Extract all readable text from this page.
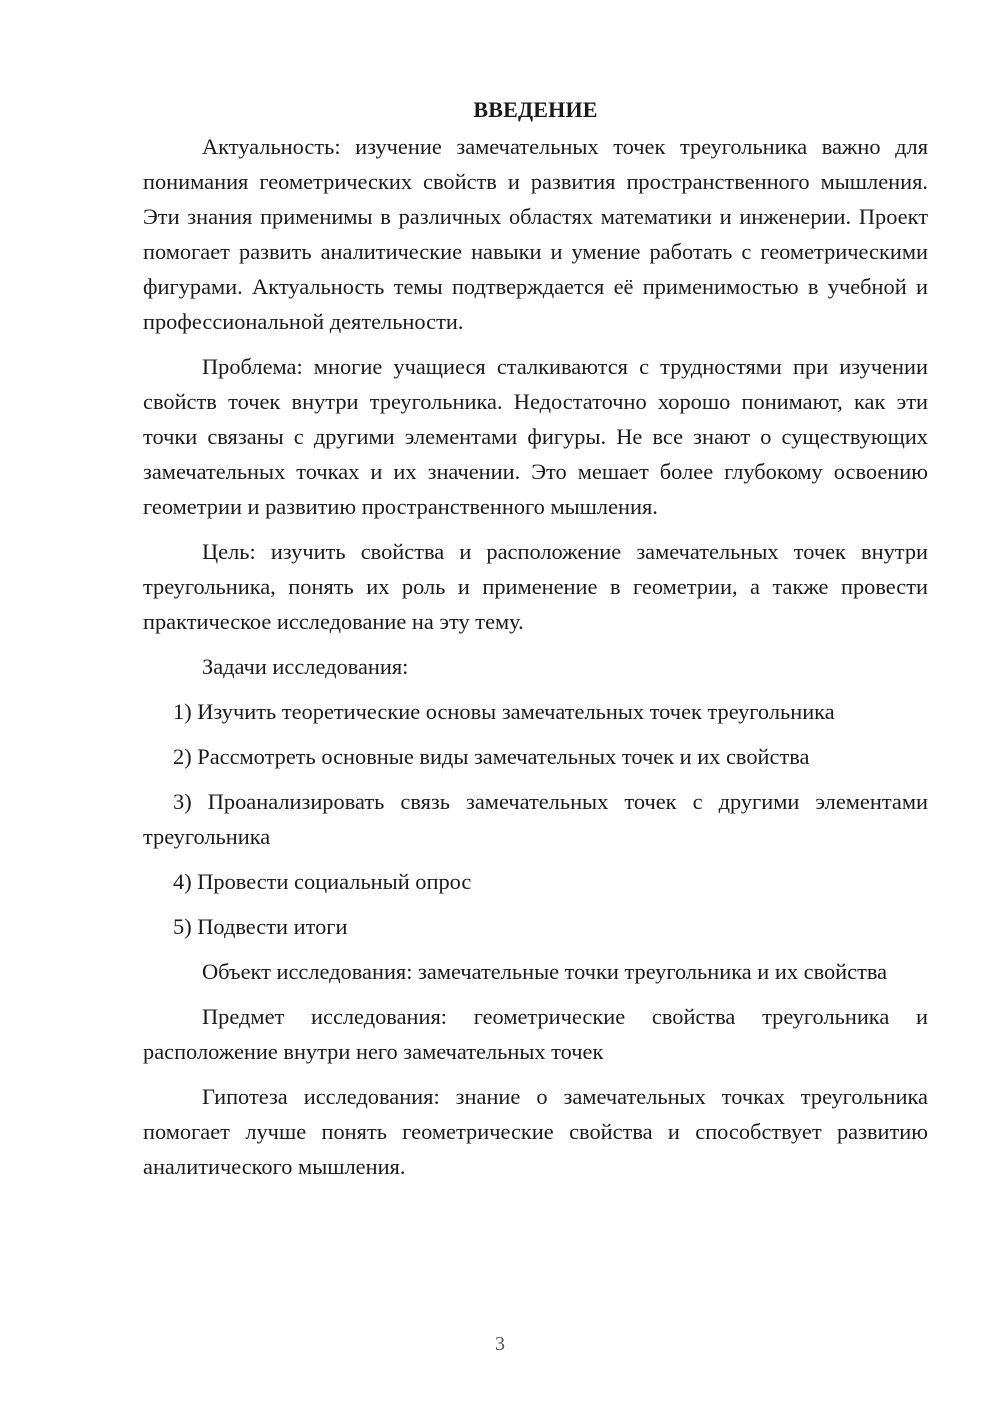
ВВЕДЕНИЕ

Актуальность: изучение замечательных точек треугольника важно для понимания геометрических свойств и развития пространственного мышления. Эти знания применимы в различных областях математики и инженерии. Проект помогает развить аналитические навыки и умение работать с геометрическими фигурами. Актуальность темы подтверждается её применимостью в учебной и профессиональной деятельности.

Проблема: многие учащиеся сталкиваются с трудностями при изучении свойств точек внутри треугольника. Недостаточно хорошо понимают, как эти точки связаны с другими элементами фигуры. Не все знают о существующих замечательных точках и их значении. Это мешает более глубокому освоению геометрии и развитию пространственного мышления.

Цель: изучить свойства и расположение замечательных точек внутри треугольника, понять их роль и применение в геометрии, а также провести практическое исследование на эту тему.

Задачи исследования:

1) Изучить теоретические основы замечательных точек треугольника

2) Рассмотреть основные виды замечательных точек и их свойства

3) Проанализировать связь замечательных точек с другими элементами треугольника

4) Провести социальный опрос

5) Подвести итоги

Объект исследования: замечательные точки треугольника и их свойства

Предмет исследования: геометрические свойства треугольника и расположение внутри него замечательных точек

Гипотеза исследования: знание о замечательных точках треугольника помогает лучше понять геометрические свойства и способствует развитию аналитического мышления.

3
